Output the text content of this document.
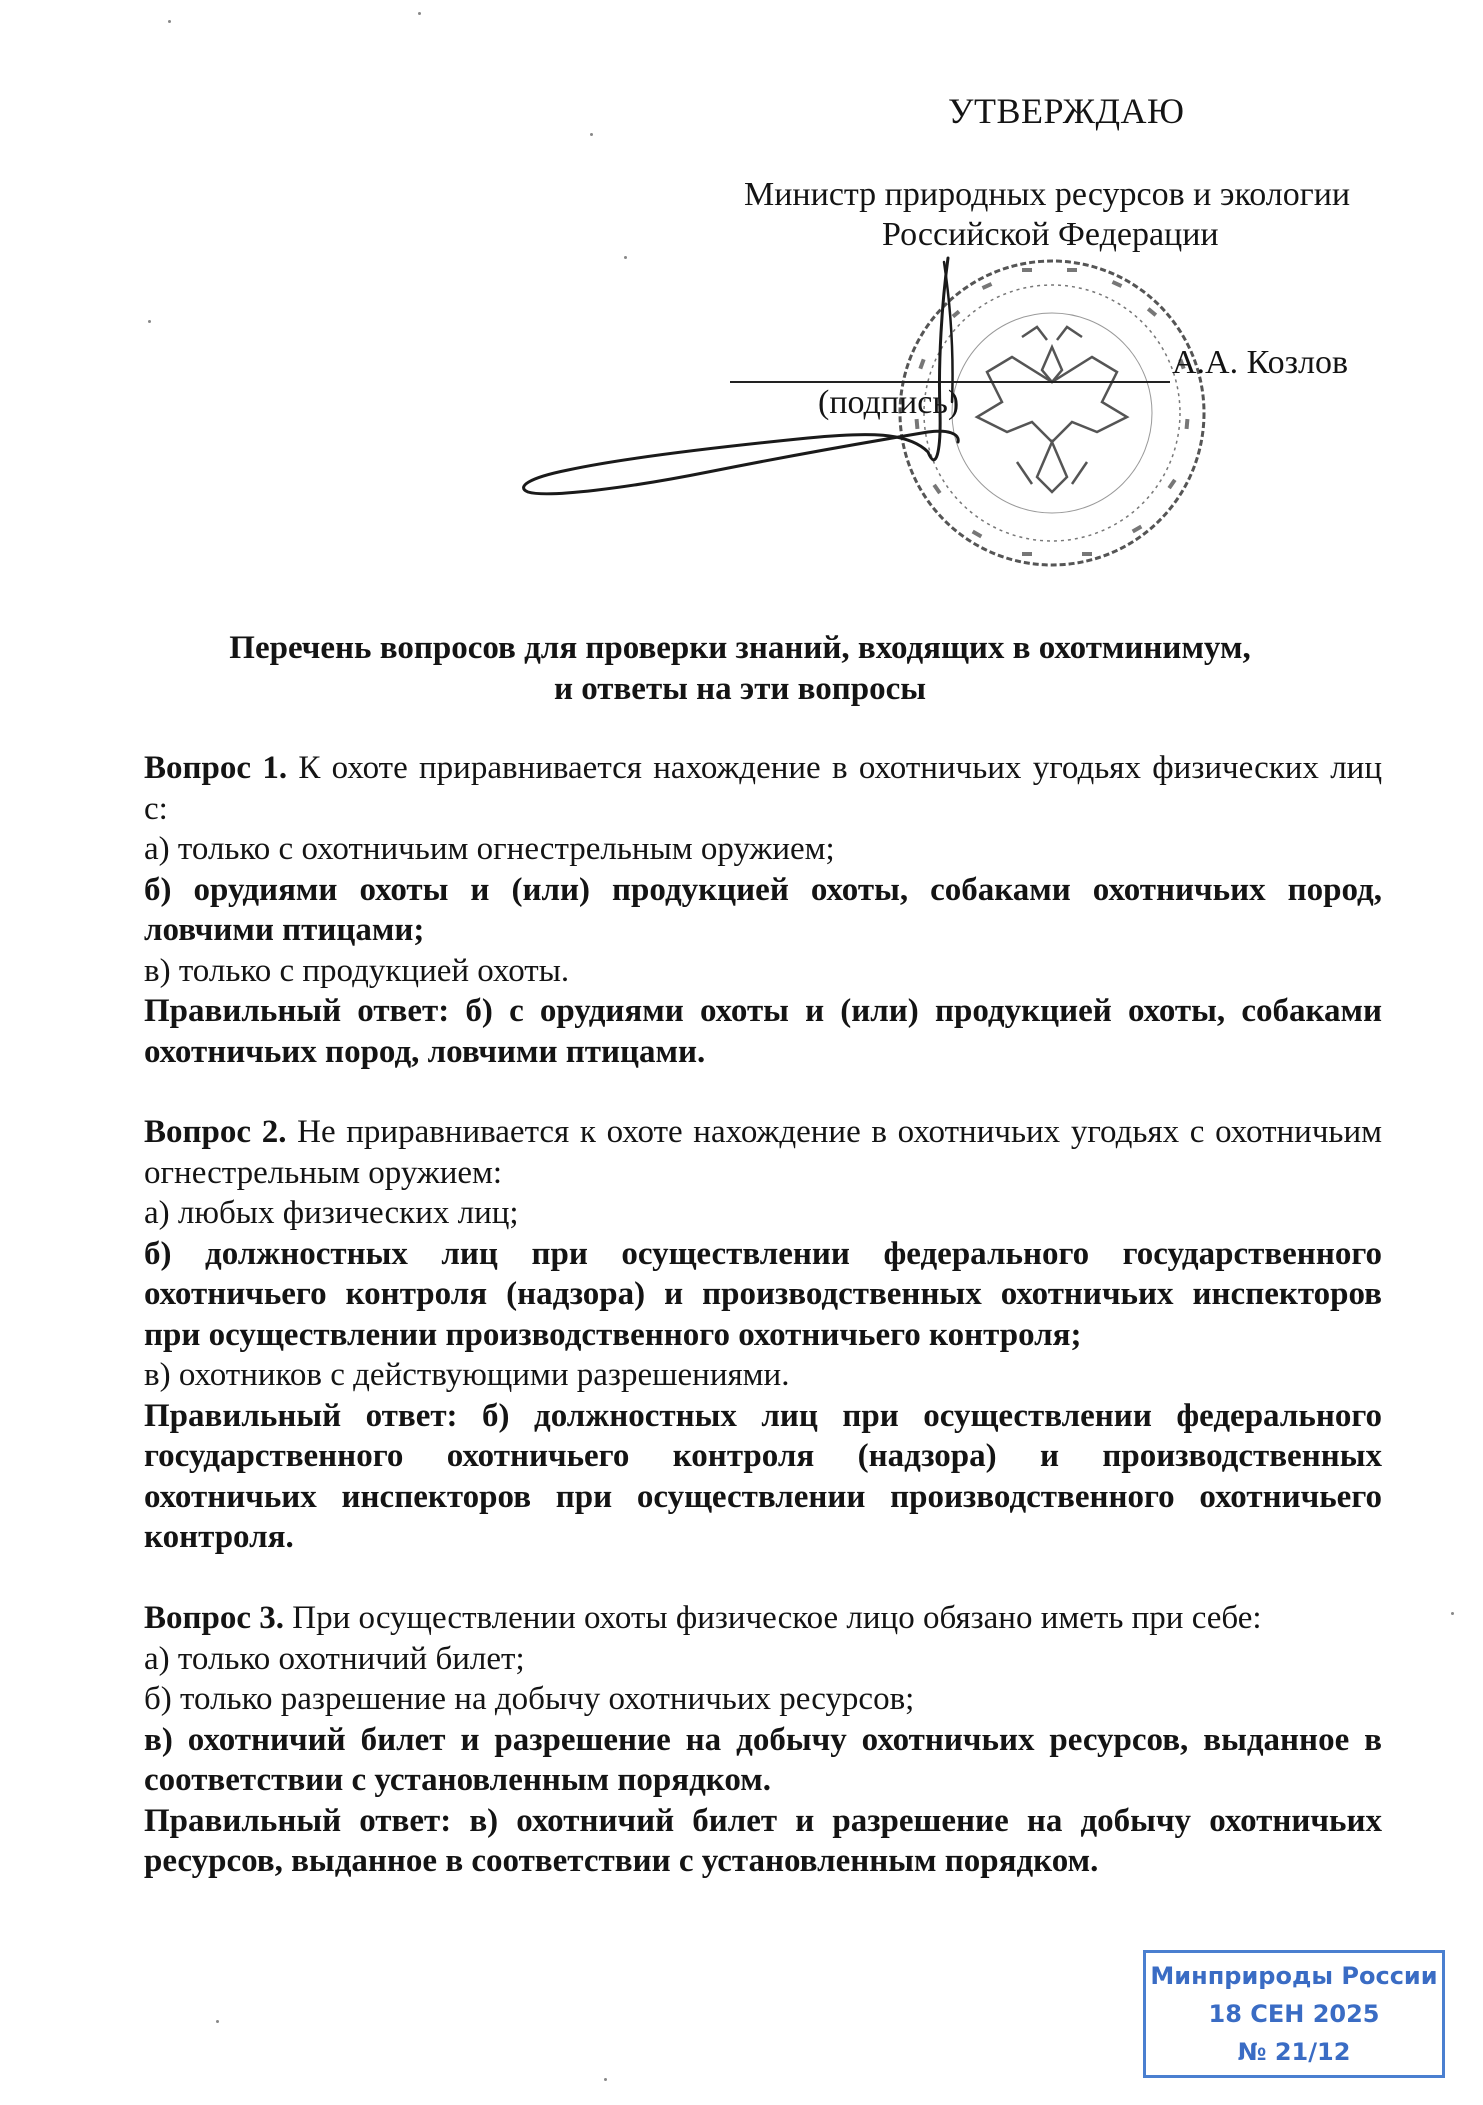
УТВЕРЖДАЮ
Министр природных ресурсов и экологии
Российской Федерации
А.А. Козлов
(подпись)
Перечень вопросов для проверки знаний, входящих в охотминимум,
и ответы на эти вопросы

Вопрос 1. К охоте приравнивается нахождение в охотничьих угодьях физических лиц с:

а) только с охотничьим огнестрельным оружием;

б) орудиями охоты и (или) продукцией охоты, собаками охотничьих пород, ловчими птицами;

в) только с продукцией охоты.

Правильный ответ: б) с орудиями охоты и (или) продукцией охоты, собаками охотничьих пород, ловчими птицами.

Вопрос 2. Не приравнивается к охоте нахождение в охотничьих угодьях с охотничьим огнестрельным оружием:

а) любых физических лиц;

б) должностных лиц при осуществлении федерального государственного охотничьего контроля (надзора) и производственных охотничьих инспекторов при осуществлении производственного охотничьего контроля;

в) охотников с действующими разрешениями.

Правильный ответ: б) должностных лиц при осуществлении федерального государственного охотничьего контроля (надзора) и производственных охотничьих инспекторов при осуществлении производственного охотничьего контроля.

Вопрос 3. При осуществлении охоты физическое лицо обязано иметь при себе:

а) только охотничий билет;

б) только разрешение на добычу охотничьих ресурсов;

в) охотничий билет и разрешение на добычу охотничьих ресурсов, выданное в соответствии с установленным порядком.

Правильный ответ: в) охотничий билет и разрешение на добычу охотничьих ресурсов, выданное в соответствии с установленным порядком.

Минприроды России
18 СЕН 2025
№ 21/12
